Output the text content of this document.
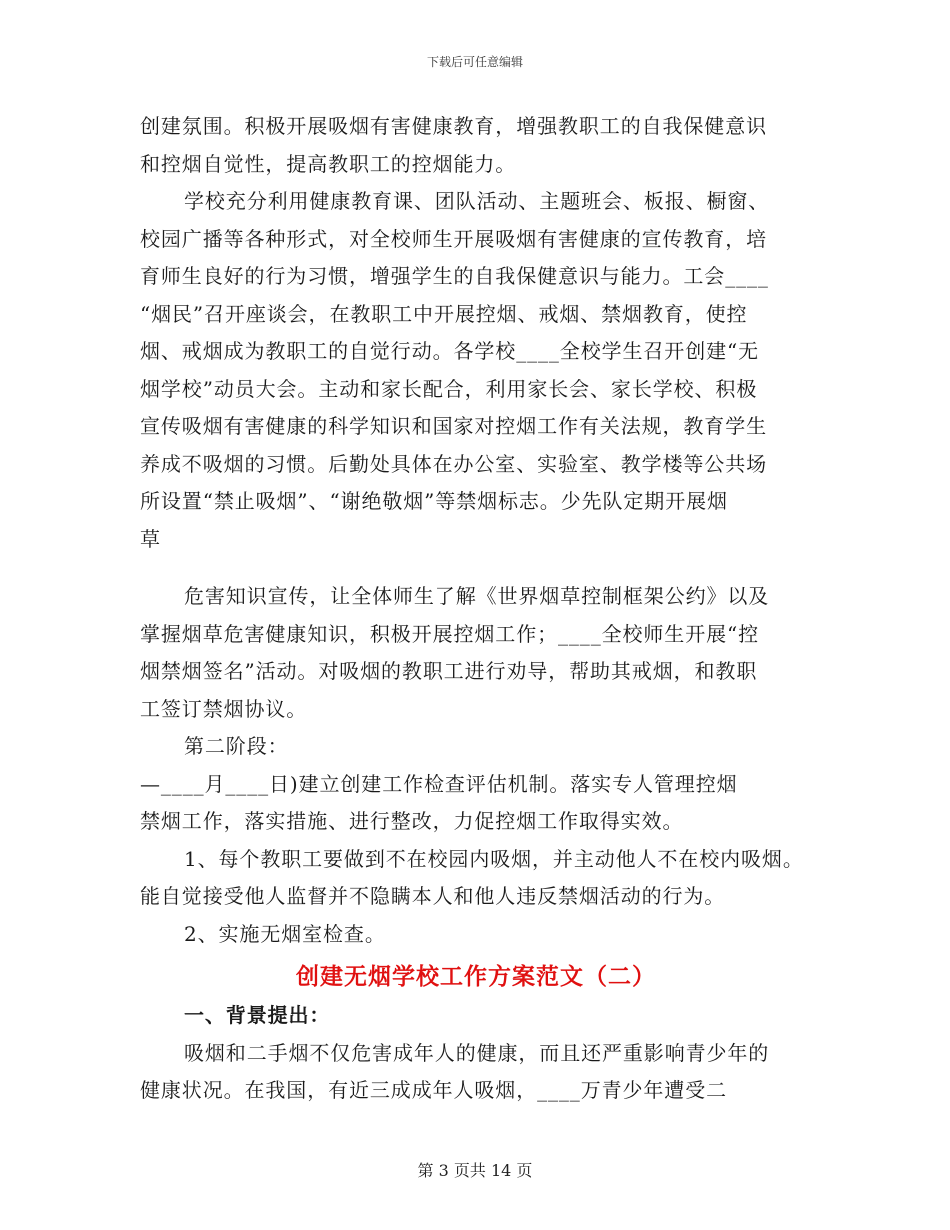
下载后可任意编辑
创建氛围。积极开展吸烟有害健康教育，增强教职工的自我保健意识
和控烟自觉性，提高教职工的控烟能力。
学校充分利用健康教育课、团队活动、主题班会、板报、橱窗、
校园广播等各种形式，对全校师生开展吸烟有害健康的宣传教育，培
育师生良好的行为习惯，增强学生的自我保健意识与能力。工会____
“烟民”召开座谈会，在教职工中开展控烟、戒烟、禁烟教育，使控
烟、戒烟成为教职工的自觉行动。各学校____全校学生召开创建“无
烟学校”动员大会。主动和家长配合，利用家长会、家长学校、积极
宣传吸烟有害健康的科学知识和国家对控烟工作有关法规，教育学生
养成不吸烟的习惯。后勤处具体在办公室、实验室、教学楼等公共场
所设置“禁止吸烟”、“谢绝敬烟”等禁烟标志。少先队定期开展烟
草
危害知识宣传，让全体师生了解《世界烟草控制框架公约》以及
掌握烟草危害健康知识，积极开展控烟工作；____全校师生开展“控
烟禁烟签名”活动。对吸烟的教职工进行劝导，帮助其戒烟，和教职
工签订禁烟协议。
第二阶段：
—____月____日)建立创建工作检查评估机制。落实专人管理控烟
禁烟工作，落实措施、进行整改，力促控烟工作取得实效。
1、每个教职工要做到不在校园内吸烟，并主动他人不在校内吸烟。
能自觉接受他人监督并不隐瞒本人和他人违反禁烟活动的行为。
2、实施无烟室检查。
创建无烟学校工作方案范文（二）
一、背景提出：
吸烟和二手烟不仅危害成年人的健康，而且还严重影响青少年的
健康状况。在我国，有近三成成年人吸烟，____万青少年遭受二
第 3 页共 14 页
